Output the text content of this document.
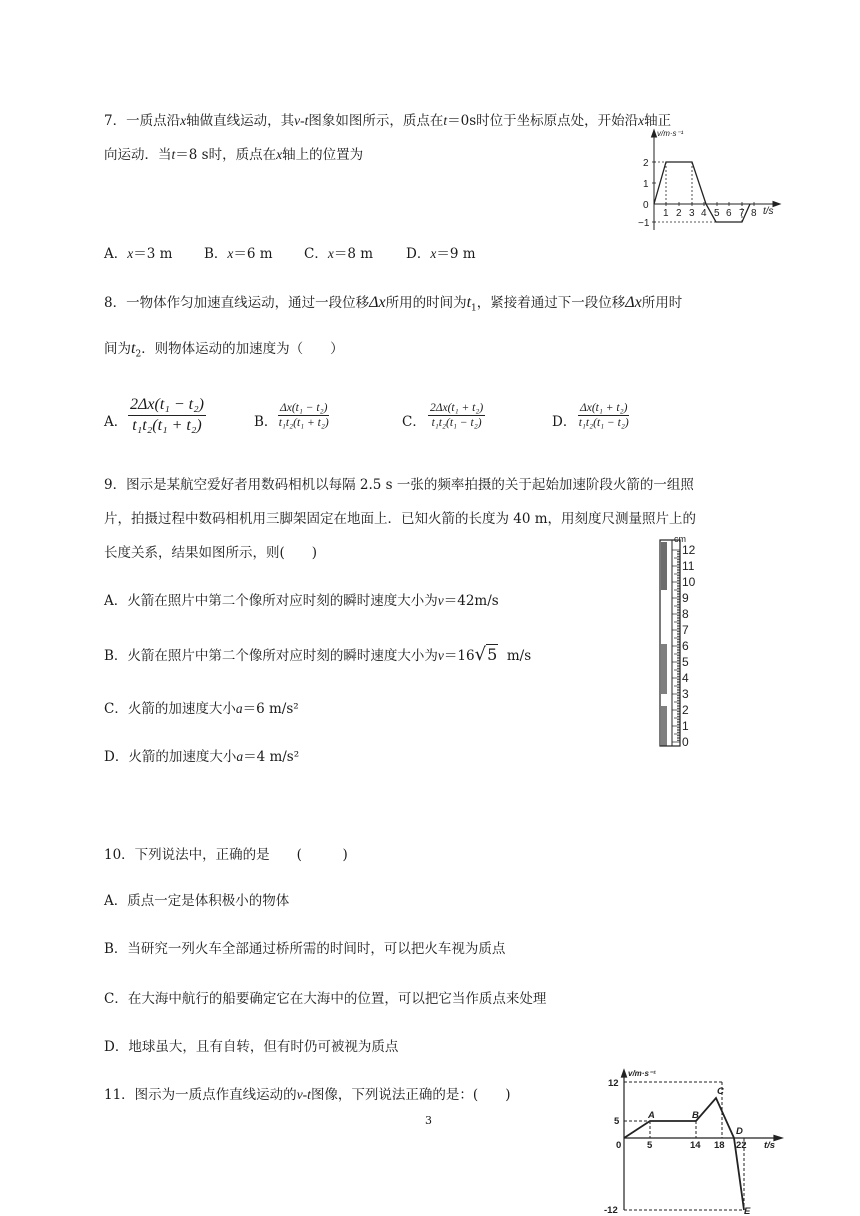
7．一质点沿x轴做直线运动，其v-t图象如图所示，质点在t＝0s时位于坐标原点处，开始沿x轴正
向运动．当t＝8 s时，质点在x轴上的位置为
v/m·s⁻¹
t/s
0
2
1
−1
1 2 3 4 5 6 7 8
A．x＝3 m B．x＝6 m C．x＝8 m D．x＝9 m
8．一物体作匀加速直线运动，通过一段位移Δx所用的时间为$t_1$，紧接着通过下一段位移Δx所用时
间为$t_2$．则物体运动的加速度为（　　）
A． $\frac{\text{2Δx(t₁ − t₂)}}{\text{t₁t₂(t₁ + t₂)}}$	B． $\frac{\text{Δx(t₁ − t₂)}}{\text{t₁t₂(t₁ + t₂)}}$	C． $\frac{\text{2Δx(t₁ + t₂)}}{\text{t₁t₂(t₁ − t₂)}}$	D． $\frac{\text{Δx(t₁ + t₂)}}{\text{t₁t₂(t₁ − t₂)}}$
9．图示是某航空爱好者用数码相机以每隔 2.5 s 一张的频率拍摄的关于起始加速阶段火箭的一组照
片，拍摄过程中数码相机用三脚架固定在地面上．已知火箭的长度为 40 m，用刻度尺测量照片上的
长度关系，结果如图所示，则(　　)
A．火箭在照片中第二个像所对应时刻的瞬时速度大小为v＝42m/s
B．火箭在照片中第二个像所对应时刻的瞬时速度大小为v＝16√5 m/s
C．火箭的加速度大小a＝6 m/s²
D．火箭的加速度大小a＝4 m/s²
cm
12
11
10
9
8
7
6
5
4
3
2
1
0
10．下列说法中，正确的是　　(　　　)
A．质点一定是体积极小的物体
B．当研究一列火车全部通过桥所需的时间时，可以把火车视为质点
C．在大海中航行的船要确定它在大海中的位置，可以把它当作质点来处理
D．地球虽大，且有自转，但有时仍可被视为质点
11．图示为一质点作直线运动的v-t图像，下列说法正确的是：(　　)
v/m·s⁻¹
t/s
0
12
5
-12
5	14 18 22
A	B
C
D
E
3
